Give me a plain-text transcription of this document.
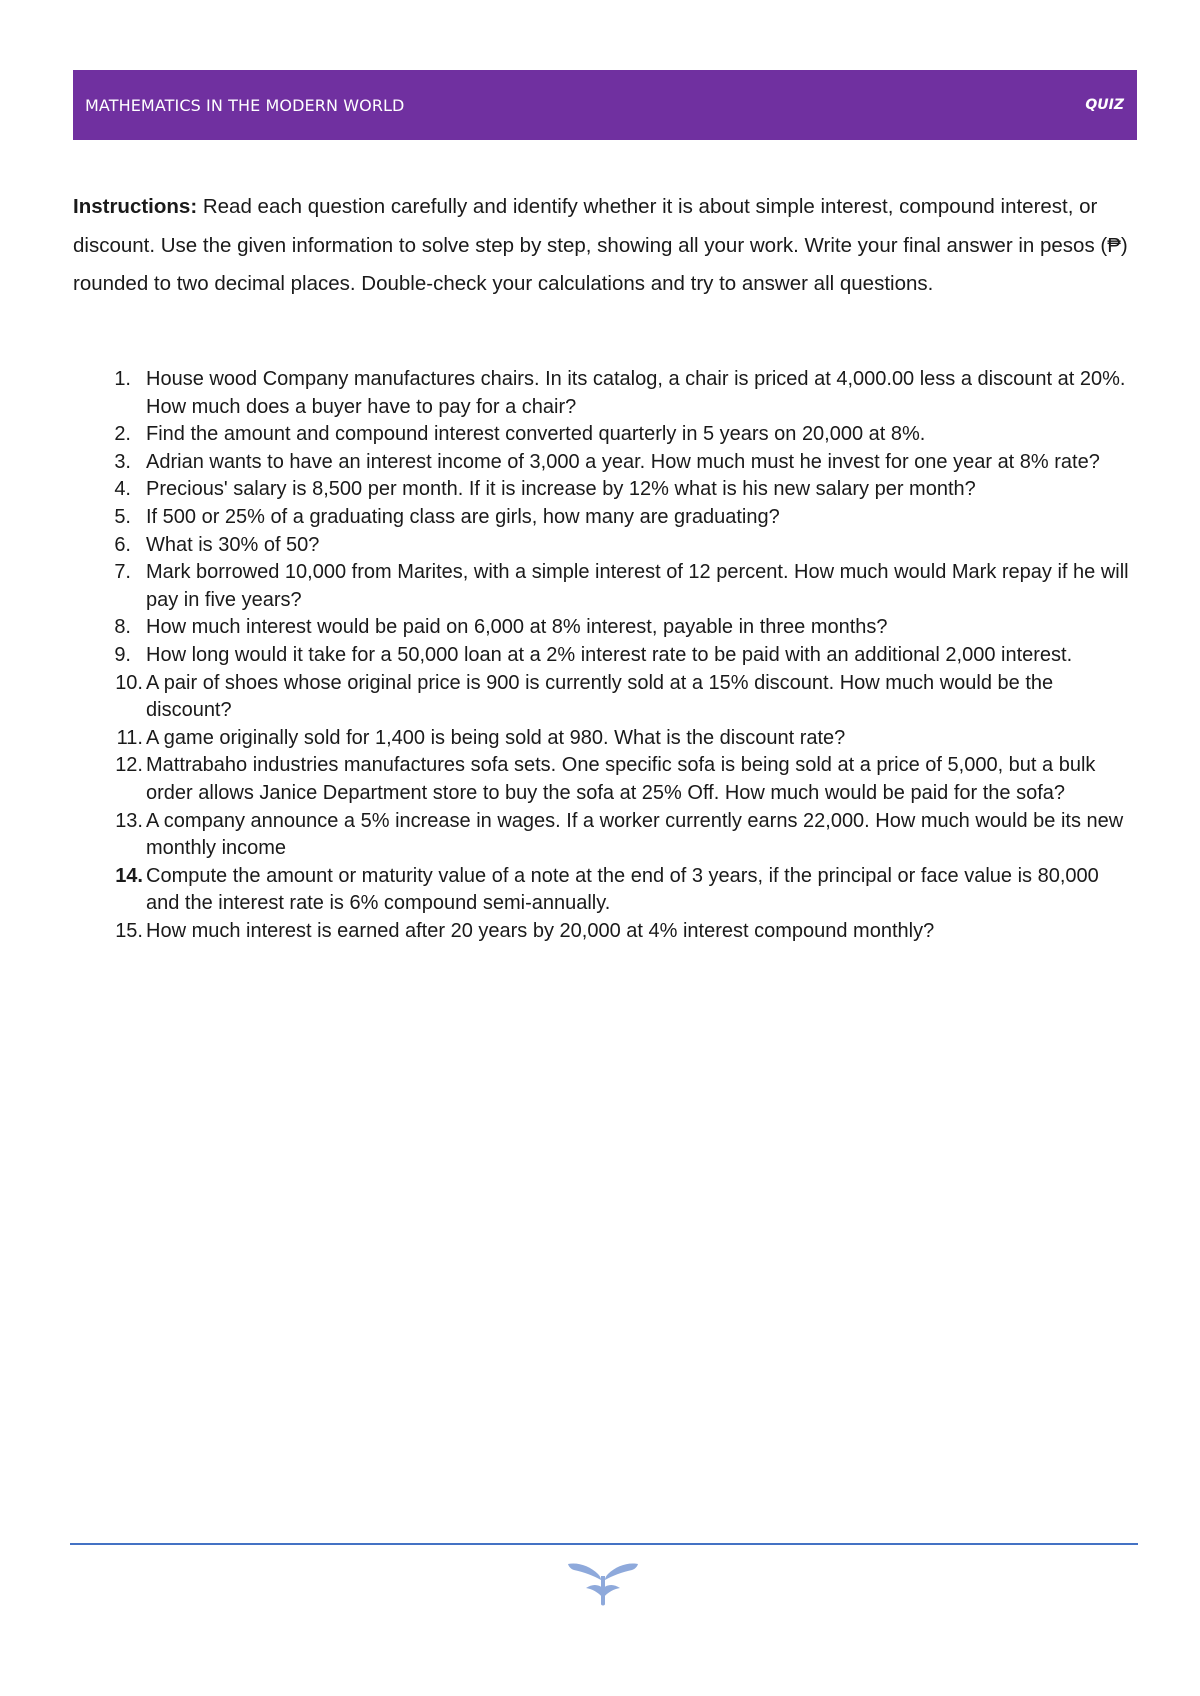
MATHEMATICS IN THE MODERN WORLD	QUIZ
Instructions: Read each question carefully and identify whether it is about simple interest, compound interest, or discount. Use the given information to solve step by step, showing all your work. Write your final answer in pesos (₱) rounded to two decimal places. Double-check your calculations and try to answer all questions.
1. House wood Company manufactures chairs. In its catalog, a chair is priced at 4,000.00 less a discount at 20%. How much does a buyer have to pay for a chair?
2. Find the amount and compound interest converted quarterly in 5 years on 20,000 at 8%.
3. Adrian wants to have an interest income of 3,000 a year. How much must he invest for one year at 8% rate?
4. Precious' salary is 8,500 per month. If it is increase by 12% what is his new salary per month?
5. If 500 or 25% of a graduating class are girls, how many are graduating?
6. What is 30% of 50?
7. Mark borrowed 10,000 from Marites, with a simple interest of 12 percent. How much would Mark repay if he will pay in five years?
8. How much interest would be paid on 6,000 at 8% interest, payable in three months?
9. How long would it take for a 50,000 loan at a 2% interest rate to be paid with an additional 2,000 interest.
10. A pair of shoes whose original price is 900 is currently sold at a 15% discount. How much would be the discount?
11. A game originally sold for 1,400 is being sold at 980. What is the discount rate?
12. Mattrabaho industries manufactures sofa sets. One specific sofa is being sold at a price of 5,000, but a bulk order allows Janice Department store to buy the sofa at 25% Off. How much would be paid for the sofa?
13. A company announce a 5% increase in wages. If a worker currently earns 22,000. How much would be its new monthly income
14. Compute the amount or maturity value of a note at the end of 3 years, if the principal or face value is 80,000 and the interest rate is 6% compound semi-annually.
15. How much interest is earned after 20 years by 20,000 at 4% interest compound monthly?
